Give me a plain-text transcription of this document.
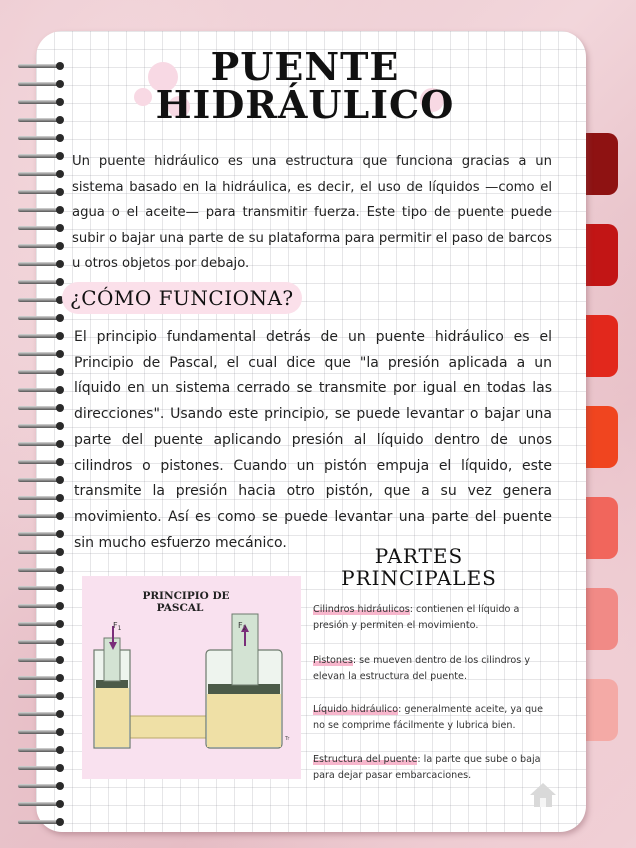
PUENTE
HIDRÁULICO
Un puente hidráulico es una estructura que funciona gracias a un sistema basado en la hidráulica, es decir, el uso de líquidos —como el agua o el aceite— para transmitir fuerza. Este tipo de puente puede subir o bajar una parte de su plataforma para permitir el paso de barcos u otros objetos por debajo.
¿CÓMO FUNCIONA?
El principio fundamental detrás de un puente hidráulico es el Principio de Pascal, el cual dice que "la presión aplicada a un líquido en un sistema cerrado se transmite por igual en todas las direcciones". Usando este principio, se puede levantar o bajar una parte del puente aplicando presión al líquido dentro de unos cilindros o pistones. Cuando un pistón empuja el líquido, este transmite la presión hacia otro pistón, que a su vez genera movimiento. Así es como se puede levantar una parte del puente sin mucho esfuerzo mecánico.
PRINCIPIO DE
PASCAL
$F_1$	$F_2$
Tr
PARTES
PRINCIPALES
Cilindros hidráulicos: contienen el líquido a presión y permiten el movimiento.
Pistones: se mueven dentro de los cilindros y elevan la estructura del puente.
Líquido hidráulico: generalmente aceite, ya que no se comprime fácilmente y lubrica bien.
Estructura del puente: la parte que sube o baja para dejar pasar embarcaciones.
